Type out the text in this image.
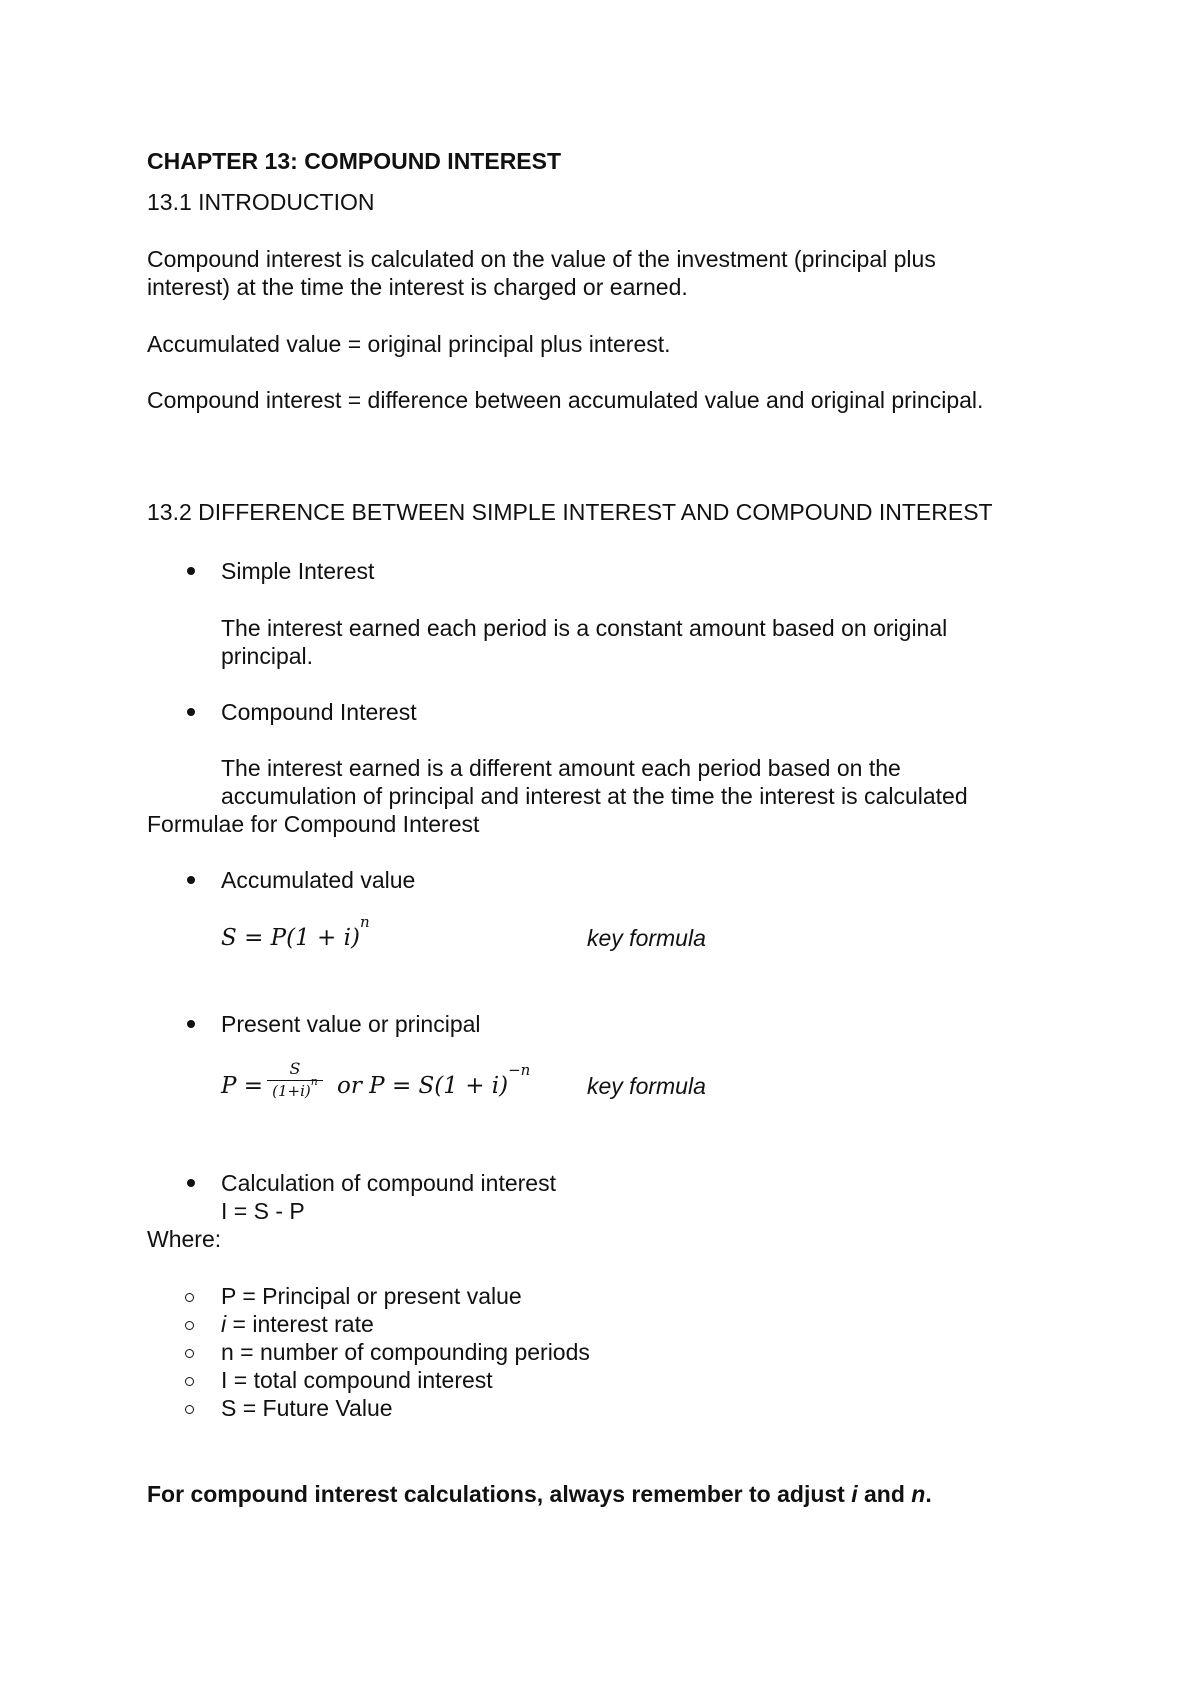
CHAPTER 13: COMPOUND INTEREST
13.1 INTRODUCTION
Compound interest is calculated on the value of the investment (principal plus
interest) at the time the interest is charged or earned.
Accumulated value = original principal plus interest.
Compound interest = difference between accumulated value and original principal.
13.2 DIFFERENCE BETWEEN SIMPLE INTEREST AND COMPOUND INTEREST
Simple Interest
The interest earned each period is a constant amount based on original
principal.
Compound Interest
The interest earned is a different amount each period based on the
accumulation of principal and interest at the time the interest is calculated
Formulae for Compound Interest
Accumulated value
$S = P(1 + i)^n$
key formula
Present value or principal
P =
S
$(1+i)^n$ or $P = S(1 + i)^{-n}$
key formula
Calculation of compound interest
I = S - P
Where:
P = Principal or present value
i = interest rate
n = number of compounding periods
I = total compound interest
S = Future Value
For compound interest calculations, always remember to adjust i and n.
